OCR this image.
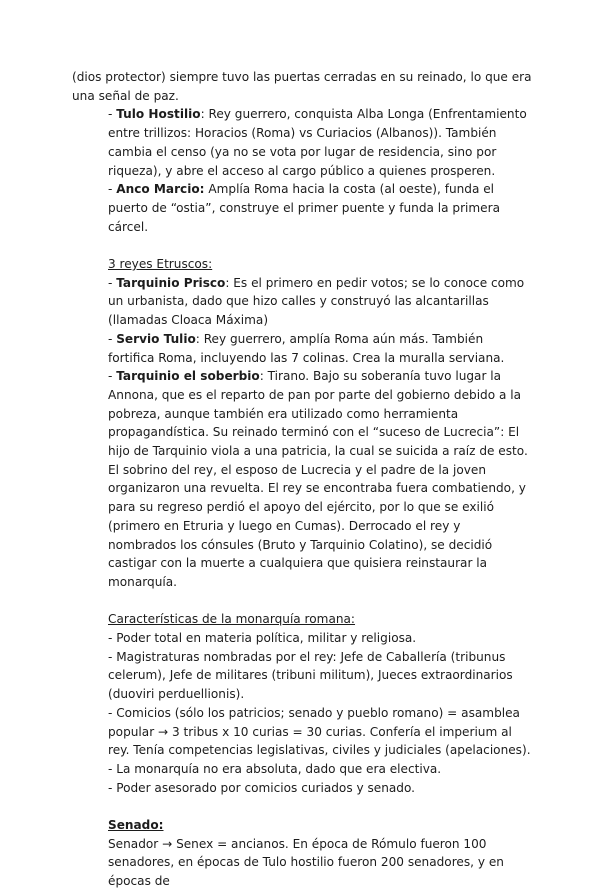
(dios protector) siempre tuvo las puertas cerradas en su reinado, lo que era una señal de paz.

- Tulo Hostilio: Rey guerrero, conquista Alba Longa (Enfrentamiento entre trillizos: Horacios (Roma) vs Curiacios (Albanos)). También cambia el censo (ya no se vota por lugar de residencia, sino por riqueza), y abre el acceso al cargo público a quienes prosperen.

- Anco Marcio: Amplía Roma hacia la costa (al oeste), funda el puerto de “ostia”, construye el primer puente y funda la primera cárcel.

3 reyes Etruscos:

- Tarquinio Prisco: Es el primero en pedir votos; se lo conoce como un urbanista, dado que hizo calles y construyó las alcantarillas (llamadas Cloaca Máxima)

- Servio Tulio: Rey guerrero, amplía Roma aún más. También fortifica Roma, incluyendo las 7 colinas. Crea la muralla serviana.

- Tarquinio el soberbio: Tirano. Bajo su soberanía tuvo lugar la Annona, que es el reparto de pan por parte del gobierno debido a la pobreza, aunque también era utilizado como herramienta propagandística. Su reinado terminó con el “suceso de Lucrecia”: El hijo de Tarquinio viola a una patricia, la cual se suicida a raíz de esto. El sobrino del rey, el esposo de Lucrecia y el padre de la joven organizaron una revuelta. El rey se encontraba fuera combatiendo, y para su regreso perdió el apoyo del ejército, por lo que se exilió (primero en Etruria y luego en Cumas). Derrocado el rey y nombrados los cónsules (Bruto y Tarquinio Colatino), se decidió castigar con la muerte a cualquiera que quisiera reinstaurar la monarquía.

Características de la monarquía romana:

- Poder total en materia política, militar y religiosa.

- Magistraturas nombradas por el rey: Jefe de Caballería (tribunus celerum), Jefe de militares (tribuni militum), Jueces extraordinarios (duoviri perduellionis).

- Comicios (sólo los patricios; senado y pueblo romano) = asamblea popular → 3 tribus x 10 curias = 30 curias. Confería el imperium al rey. Tenía competencias legislativas, civiles y judiciales (apelaciones).

- La monarquía no era absoluta, dado que era electiva.

- Poder asesorado por comicios curiados y senado.

Senado:

Senador → Senex = ancianos. En época de Rómulo fueron 100 senadores, en épocas de Tulo hostilio fueron 200 senadores, y en épocas de
